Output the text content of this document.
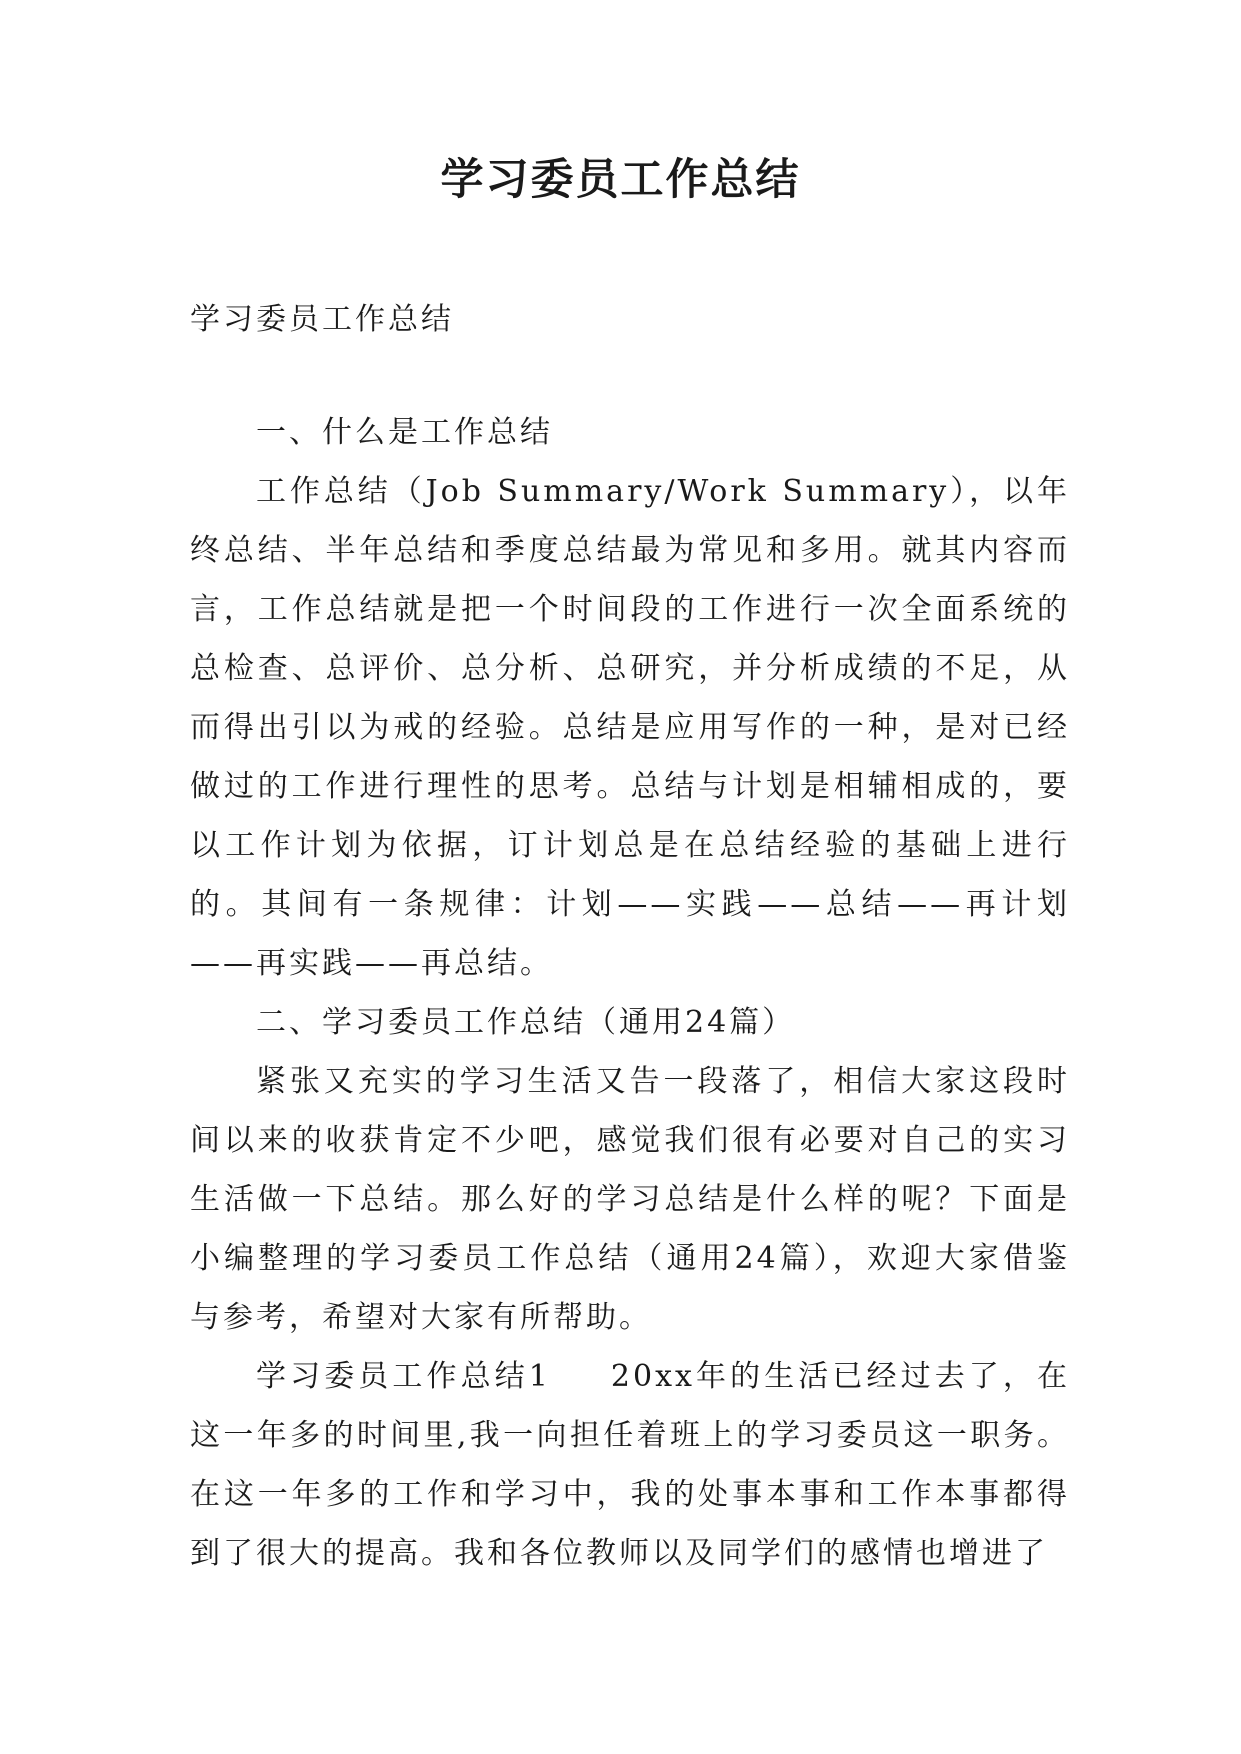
学习委员工作总结

学习委员工作总结

一、什么是工作总结

工作总结（Job Summary/Work Summary），以年终总结、半年总结和季度总结最为常见和多用。就其内容而言，工作总结就是把一个时间段的工作进行一次全面系统的总检查、总评价、总分析、总研究，并分析成绩的不足，从而得出引以为戒的经验。总结是应用写作的一种，是对已经做过的工作进行理性的思考。总结与计划是相辅相成的，要以工作计划为依据，订计划总是在总结经验的基础上进行的。其间有一条规律：计划——实践——总结——再计划——再实践——再总结。

二、学习委员工作总结（通用24篇）

紧张又充实的学习生活又告一段落了，相信大家这段时间以来的收获肯定不少吧，感觉我们很有必要对自己的实习生活做一下总结。那么好的学习总结是什么样的呢？下面是小编整理的学习委员工作总结（通用24篇），欢迎大家借鉴与参考，希望对大家有所帮助。

学习委员工作总结1 20xx年的生活已经过去了，在这一年多的时间里,我一向担任着班上的学习委员这一职务。在这一年多的工作和学习中，我的处事本事和工作本事都得到了很大的提高。我和各位教师以及同学们的感情也增进了
